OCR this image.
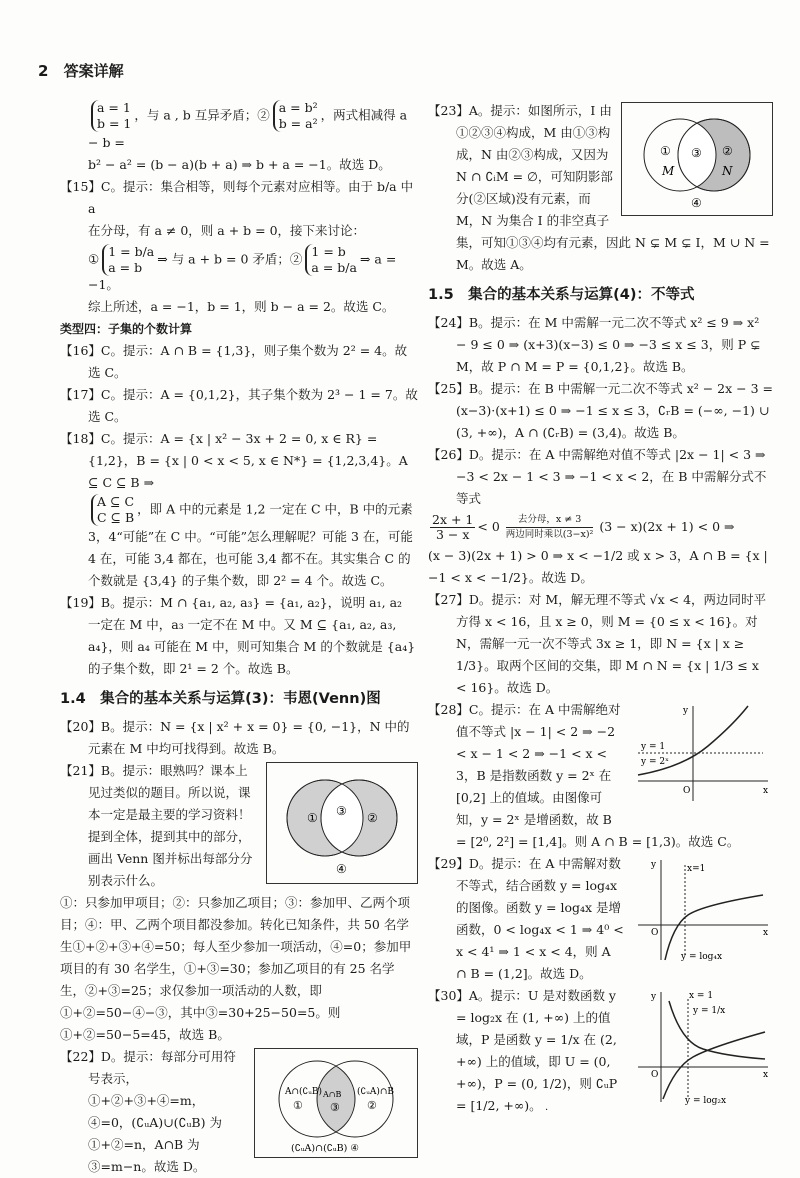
2 答案详解

a = 1
b = 1，与 a , b 互异矛盾；② a = b²
b = a²，两式相减得 a − b =

b² − a² = (b − a)(b + a) ⇒ b + a = −1。故选 D。

【15】C。提示：集合相等，则每个元素对应相等。由于 b/a 中 a

在分母，有 a ≠ 0，则 a + b = 0，接下来讨论：

① 1 = b/a
a = b⇒ 与 a + b = 0 矛盾；② 1 = b
a = b/a⇒ a = −1。

综上所述，a = −1，b = 1，则 b − a = 2。故选 C。

类型四：子集的个数计算

【16】C。提示：A ∩ B = {1,3}，则子集个数为 2² = 4。故选 C。

【17】C。提示：A = {0,1,2}，其子集个数为 2³ − 1 = 7。故选 C。

【18】C。提示：A = {x | x² − 3x + 2 = 0, x ∈ R} = {1,2}，B = {x | 0 < x < 5, x ∈ N*} = {1,2,3,4}。A ⊆ C ⊆ B ⇒

A ⊆ C
C ⊆ B，即 A 中的元素是 1,2 一定在 C 中，B 中的元素 3，4“可能”在 C 中。“可能”怎么理解呢？可能 3 在，可能 4 在，可能 3,4 都在，也可能 3,4 都不在。其实集合 C 的个数就是 {3,4} 的子集个数，即 2² = 4 个。故选 C。

【19】B。提示：M ∩ {a₁, a₂, a₃} = {a₁, a₂}，说明 a₁, a₂ 一定在 M 中，a₃ 一定不在 M 中。又 M ⊆ {a₁, a₂, a₃, a₄}，则 a₄ 可能在 M 中，则可知集合 M 的个数就是 {a₄} 的子集个数，即 2¹ = 2 个。故选 B。

1.4　集合的基本关系与运算(3)：韦恩(Venn)图

【20】B。提示：N = {x | x² + x = 0} = {0, −1}，N 中的元素在 M 中均可找得到。故选 B。

① ③ ②
④

【21】B。提示：眼熟吗？课本上见过类似的题目。所以说，课本一定是最主要的学习资料！提到全体，提到其中的部分，画出 Venn 图并标出每部分分别表示什么。

①：只参加甲项目；②：只参加乙项目；③：参加甲、乙两个项目；④：甲、乙两个项目都没参加。转化已知条件，共 50 名学生①+②+③+④=50；每人至少参加一项活动，④=0；参加甲项目的有 30 名学生，①+③=30；参加乙项目的有 25 名学生，②+③=25；求仅参加一项活动的人数，即①+②=50−④−③，其中③=30+25−50=5。则①+②=50−5=45，故选 B。

A∩(∁ᵤB)
①
A∩B
③
(∁ᵤA)∩B
②
(∁ᵤA)∩(∁ᵤB) ④

【22】D。提示：每部分可用符号表示，①+②+③+④=m，④=0，(∁ᵤA)∪(∁ᵤB) 为①+②=n，A∩B 为③=m−n。故选 D。

①
M
③ ②
N
④

【23】A。提示：如图所示，I 由①②③④构成，M 由①③构成，N 由②③构成，又因为 N ∩ ∁ᵢM = ∅，可知阴影部分(②区域)没有元素，而 M，N 为集合 I 的非空真子集，可知①③④均有元素，因此 N ⊊ M ⊊ I，M ∪ N = M。故选 A。

1.5　集合的基本关系与运算(4)：不等式

【24】B。提示：在 M 中需解一元二次不等式 x² ≤ 9 ⇒ x² − 9 ≤ 0 ⇒ (x+3)(x−3) ≤ 0 ⇒ −3 ≤ x ≤ 3，则 P ⊊ M，故 P ∩ M = P = {0,1,2}。故选 B。

【25】B。提示：在 B 中需解一元二次不等式 x² − 2x − 3 = (x−3)·(x+1) ≤ 0 ⇒ −1 ≤ x ≤ 3，∁ᵣB = (−∞, −1) ∪ (3, +∞)，A ∩ (∁ᵣB) = (3,4)。故选 B。

【26】D。提示：在 A 中需解绝对值不等式 |2x − 1| < 3 ⇒ −3 < 2x − 1 < 3 ⇒ −1 < x < 2，在 B 中需解分式不等式

$\frac{2x + 1}{3 - x} < 0 \frac{\text{去分母，x ≠ 3}}{\text{两边同时乘以(3−x)²}} (3 - x)(2x + 1) < 0$ ⇒

(x − 3)(2x + 1) > 0 ⇒ x < −1/2 或 x > 3，A ∩ B = {x | −1 < x < −1/2}。故选 D。

【27】D。提示：对 M，解无理不等式 √x < 4，两边同时平方得 x < 16，且 x ≥ 0，则 M = {0 ≤ x < 16}。对 N，需解一元一次不等式 3x ≥ 1，即 N = {x | x ≥ 1/3}。取两个区间的交集，即 M ∩ N = {x | 1/3 ≤ x < 16}。故选 D。

y = 1
y = 2ˣ
O	x
y

【28】C。提示：在 A 中需解绝对值不等式 |x − 1| < 2 ⇒ −2 < x − 1 < 2 ⇒ −1 < x < 3，B 是指数函数 y = 2ˣ 在 [0,2] 上的值域。由图像可知，y = 2ˣ 是增函数，故 B = [2⁰, 2²] = [1,4]。则 A ∩ B = [1,3)。故选 C。

x=1
y = log₄x
O	x
y

【29】D。提示：在 A 中需解对数不等式，结合函数 y = log₄x 的图像。函数 y = log₄x 是增函数，0 < log₄x < 1 ⇒ 4⁰ < x < 4¹ ⇒ 1 < x < 4，则 A ∩ B = (1,2]。故选 D。

x = 1
y = 1/x
y = log₂x
O	x
y

【30】A。提示：U 是对数函数 y = log₂x 在 (1, +∞) 上的值域，P 是函数 y = 1/x 在 (2, +∞) 上的值域，即 U = (0, +∞)，P = (0, 1/2)，则 ∁ᵤP = [1/2, +∞)。 ·
